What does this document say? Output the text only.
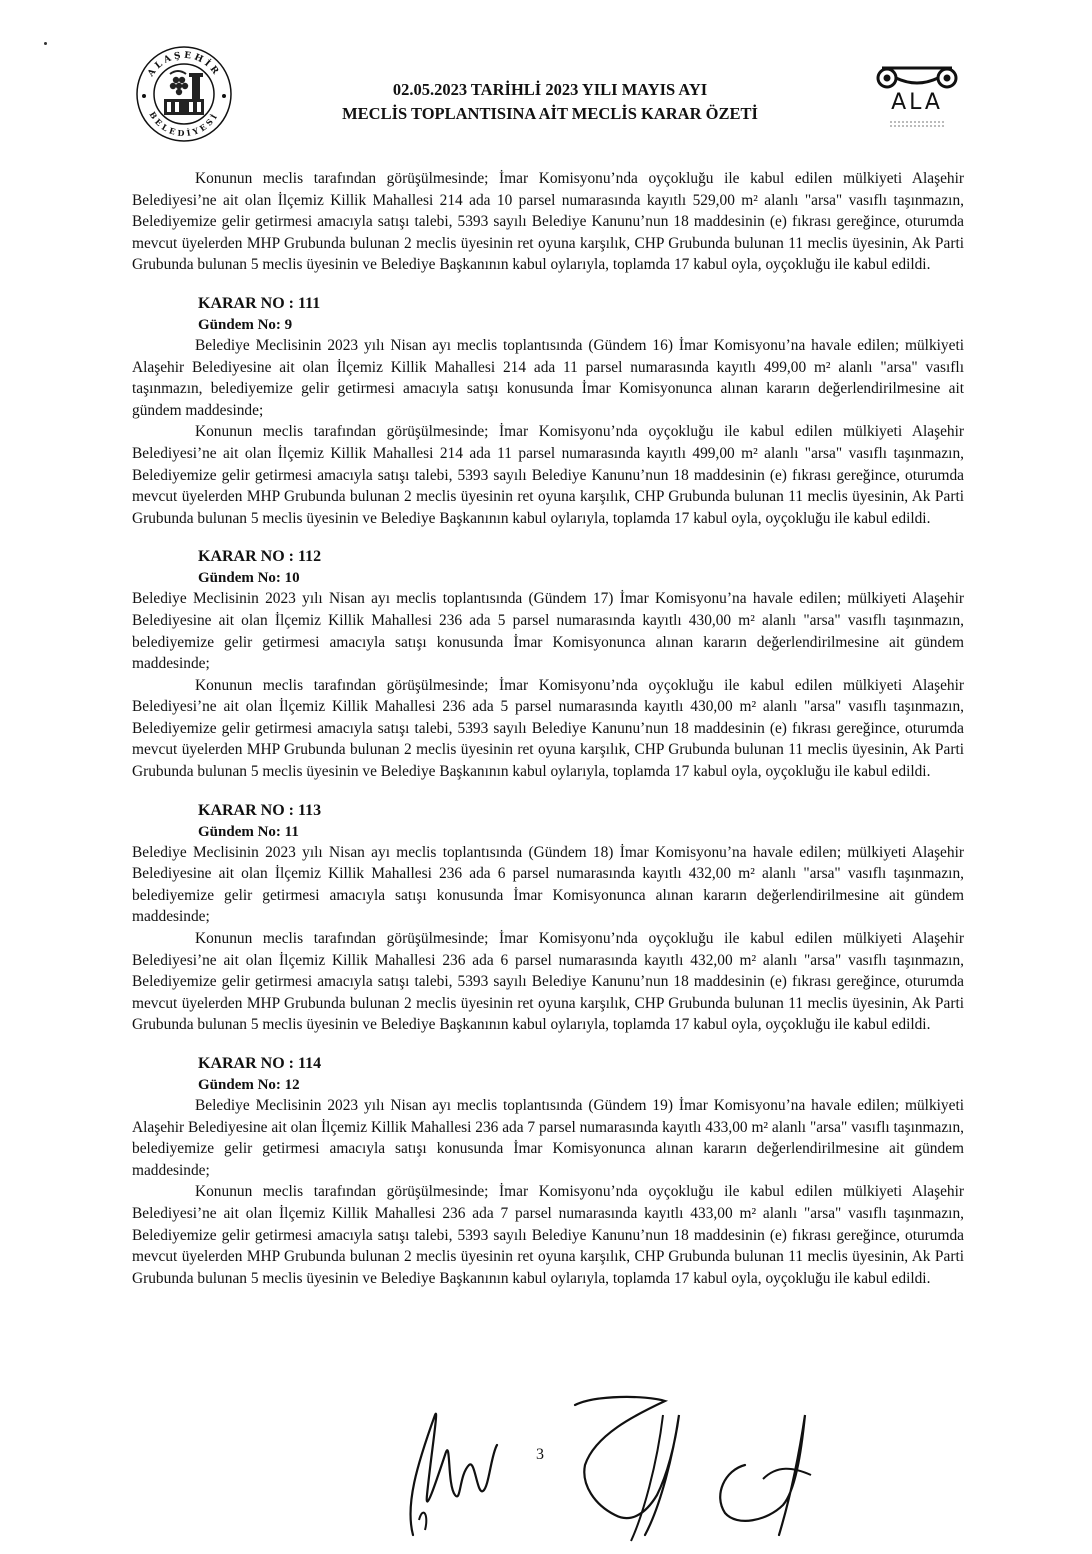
ALAŞEHİR
BELEDİYESİ
02.05.2023 TARİHLİ 2023 YILI MAYIS AYI
MECLİS TOPLANTISINA AİT MECLİS KARAR ÖZETİ	ALA

Konunun meclis tarafından görüşülmesinde; İmar Komisyonu’nda oyçokluğu ile kabul edilen mülkiyeti Alaşehir Belediyesi’ne ait olan İlçemiz Killik Mahallesi 214 ada 10 parsel numarasında kayıtlı 529,00 m² alanlı "arsa" vasıflı taşınmazın, Belediyemize gelir getirmesi amacıyla satışı talebi, 5393 sayılı Belediye Kanunu’nun 18 maddesinin (e) fıkrası gereğince, oturumda mevcut üyelerden MHP Grubunda bulunan 2 meclis üyesinin ret oyuna karşılık, CHP Grubunda bulunan 11 meclis üyesinin, Ak Parti Grubunda bulunan 5 meclis üyesinin ve Belediye Başkanının kabul oylarıyla, toplamda 17 kabul oyla, oyçokluğu ile kabul edildi.

KARAR NO : 111
Gündem No: 9

Belediye Meclisinin 2023 yılı Nisan ayı meclis toplantısında (Gündem 16) İmar Komisyonu’na havale edilen; mülkiyeti Alaşehir Belediyesine ait olan İlçemiz Killik Mahallesi 214 ada 11 parsel numarasında kayıtlı 499,00 m² alanlı "arsa" vasıflı taşınmazın, belediyemize gelir getirmesi amacıyla satışı konusunda İmar Komisyonunca alınan kararın değerlendirilmesine ait gündem maddesinde;

Konunun meclis tarafından görüşülmesinde; İmar Komisyonu’nda oyçokluğu ile kabul edilen mülkiyeti Alaşehir Belediyesi’ne ait olan İlçemiz Killik Mahallesi 214 ada 11 parsel numarasında kayıtlı 499,00 m² alanlı "arsa" vasıflı taşınmazın, Belediyemize gelir getirmesi amacıyla satışı talebi, 5393 sayılı Belediye Kanunu’nun 18 maddesinin (e) fıkrası gereğince, oturumda mevcut üyelerden MHP Grubunda bulunan 2 meclis üyesinin ret oyuna karşılık, CHP Grubunda bulunan 11 meclis üyesinin, Ak Parti Grubunda bulunan 5 meclis üyesinin ve Belediye Başkanının kabul oylarıyla, toplamda 17 kabul oyla, oyçokluğu ile kabul edildi.

KARAR NO : 112
Gündem No: 10

Belediye Meclisinin 2023 yılı Nisan ayı meclis toplantısında (Gündem 17) İmar Komisyonu’na havale edilen; mülkiyeti Alaşehir Belediyesine ait olan İlçemiz Killik Mahallesi 236 ada 5 parsel numarasında kayıtlı 430,00 m² alanlı "arsa" vasıflı taşınmazın, belediyemize gelir getirmesi amacıyla satışı konusunda İmar Komisyonunca alınan kararın değerlendirilmesine ait gündem maddesinde;

Konunun meclis tarafından görüşülmesinde; İmar Komisyonu’nda oyçokluğu ile kabul edilen mülkiyeti Alaşehir Belediyesi’ne ait olan İlçemiz Killik Mahallesi 236 ada 5 parsel numarasında kayıtlı 430,00 m² alanlı "arsa" vasıflı taşınmazın, Belediyemize gelir getirmesi amacıyla satışı talebi, 5393 sayılı Belediye Kanunu’nun 18 maddesinin (e) fıkrası gereğince, oturumda mevcut üyelerden MHP Grubunda bulunan 2 meclis üyesinin ret oyuna karşılık, CHP Grubunda bulunan 11 meclis üyesinin, Ak Parti Grubunda bulunan 5 meclis üyesinin ve Belediye Başkanının kabul oylarıyla, toplamda 17 kabul oyla, oyçokluğu ile kabul edildi.

KARAR NO : 113
Gündem No: 11

Belediye Meclisinin 2023 yılı Nisan ayı meclis toplantısında (Gündem 18) İmar Komisyonu’na havale edilen; mülkiyeti Alaşehir Belediyesine ait olan İlçemiz Killik Mahallesi 236 ada 6 parsel numarasında kayıtlı 432,00 m² alanlı "arsa" vasıflı taşınmazın, belediyemize gelir getirmesi amacıyla satışı konusunda İmar Komisyonunca alınan kararın değerlendirilmesine ait gündem maddesinde;

Konunun meclis tarafından görüşülmesinde; İmar Komisyonu’nda oyçokluğu ile kabul edilen mülkiyeti Alaşehir Belediyesi’ne ait olan İlçemiz Killik Mahallesi 236 ada 6 parsel numarasında kayıtlı 432,00 m² alanlı "arsa" vasıflı taşınmazın, Belediyemize gelir getirmesi amacıyla satışı talebi, 5393 sayılı Belediye Kanunu’nun 18 maddesinin (e) fıkrası gereğince, oturumda mevcut üyelerden MHP Grubunda bulunan 2 meclis üyesinin ret oyuna karşılık, CHP Grubunda bulunan 11 meclis üyesinin, Ak Parti Grubunda bulunan 5 meclis üyesinin ve Belediye Başkanının kabul oylarıyla, toplamda 17 kabul oyla, oyçokluğu ile kabul edildi.

KARAR NO : 114
Gündem No: 12

Belediye Meclisinin 2023 yılı Nisan ayı meclis toplantısında (Gündem 19) İmar Komisyonu’na havale edilen; mülkiyeti Alaşehir Belediyesine ait olan İlçemiz Killik Mahallesi 236 ada 7 parsel numarasında kayıtlı 433,00 m² alanlı "arsa" vasıflı taşınmazın, belediyemize gelir getirmesi amacıyla satışı konusunda İmar Komisyonunca alınan kararın değerlendirilmesine ait gündem maddesinde;

Konunun meclis tarafından görüşülmesinde; İmar Komisyonu’nda oyçokluğu ile kabul edilen mülkiyeti Alaşehir Belediyesi’ne ait olan İlçemiz Killik Mahallesi 236 ada 7 parsel numarasında kayıtlı 433,00 m² alanlı "arsa" vasıflı taşınmazın, Belediyemize gelir getirmesi amacıyla satışı talebi, 5393 sayılı Belediye Kanunu’nun 18 maddesinin (e) fıkrası gereğince, oturumda mevcut üyelerden MHP Grubunda bulunan 2 meclis üyesinin ret oyuna karşılık, CHP Grubunda bulunan 11 meclis üyesinin, Ak Parti Grubunda bulunan 5 meclis üyesinin ve Belediye Başkanının kabul oylarıyla, toplamda 17 kabul oyla, oyçokluğu ile kabul edildi.

3
